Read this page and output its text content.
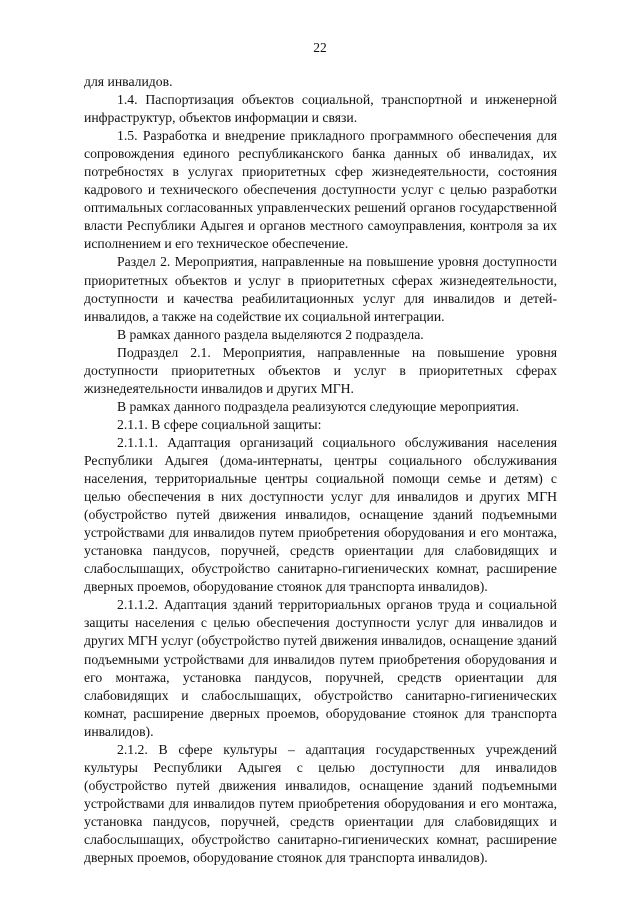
22

для инвалидов.

1.4. Паспортизация объектов социальной, транспортной и инженерной инфраструктур, объектов информации и связи.

1.5. Разработка и внедрение прикладного программного обеспечения для сопровождения единого республиканского банка данных об инвалидах, их потребностях в услугах приоритетных сфер жизнедеятельности, состояния кадрового и технического обеспечения доступности услуг с целью разработки оптимальных согласованных управленческих решений органов государственной власти Республики Адыгея и органов местного самоуправления, контроля за их исполнением и его техническое обеспечение.

Раздел 2. Мероприятия, направленные на повышение уровня доступности приоритетных объектов и услуг в приоритетных сферах жизнедеятельности, доступности и качества реабилитационных услуг для инвалидов и детей-инвалидов, а также на содействие их социальной интеграции.

В рамках данного раздела выделяются 2 подраздела.

Подраздел 2.1. Мероприятия, направленные на повышение уровня доступности приоритетных объектов и услуг в приоритетных сферах жизнедеятельности инвалидов и других МГН.

В рамках данного подраздела реализуются следующие мероприятия.

2.1.1. В сфере социальной защиты:

2.1.1.1. Адаптация организаций социального обслуживания населения Республики Адыгея (дома-интернаты, центры социального обслуживания населения, территориальные центры социальной помощи семье и детям) с целью обеспечения в них доступности услуг для инвалидов и других МГН (обустройство путей движения инвалидов, оснащение зданий подъемными устройствами для инвалидов путем приобретения оборудования и его монтажа, установка пандусов, поручней, средств ориентации для слабовидящих и слабослышащих, обустройство санитарно-гигиенических комнат, расширение дверных проемов, оборудование стоянок для транспорта инвалидов).

2.1.1.2. Адаптация зданий территориальных органов труда и социальной защиты населения с целью обеспечения доступности услуг для инвалидов и других МГН услуг (обустройство путей движения инвалидов, оснащение зданий подъемными устройствами для инвалидов путем приобретения оборудования и его монтажа, установка пандусов, поручней, средств ориентации для слабовидящих и слабослышащих, обустройство санитарно-гигиенических комнат, расширение дверных проемов, оборудование стоянок для транспорта инвалидов).

2.1.2. В сфере культуры – адаптация государственных учреждений культуры Республики Адыгея с целью доступности для инвалидов (обустройство путей движения инвалидов, оснащение зданий подъемными устройствами для инвалидов путем приобретения оборудования и его монтажа, установка пандусов, поручней, средств ориентации для слабовидящих и слабослышащих, обустройство санитарно-гигиенических комнат, расширение дверных проемов, оборудование стоянок для транспорта инвалидов).
